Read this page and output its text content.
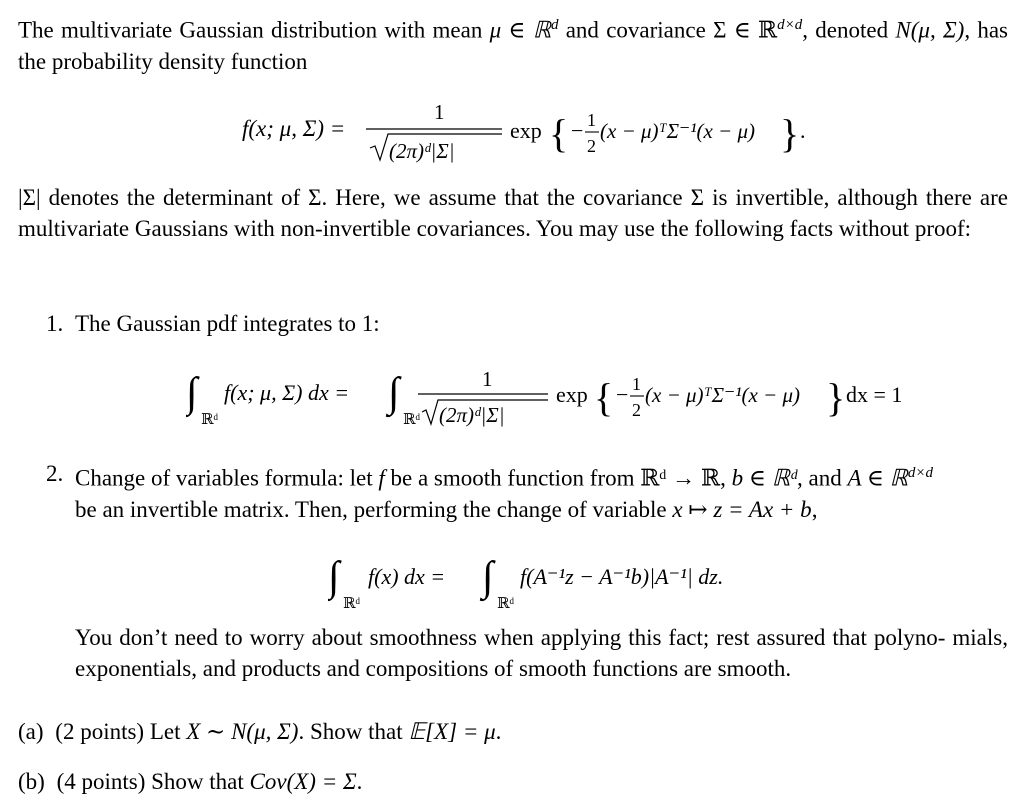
The multivariate Gaussian distribution with mean μ ∈ ℝ$^d$ and covariance Σ ∈ ℝ$^{d\times d}$, denoted N(μ, Σ), has the probability density function

f(x; μ, Σ) =
1
(2π)ᵈ|Σ|
exp { − 1
2
(x − μ)ᵀΣ⁻¹(x − μ) } .

|Σ| denotes the determinant of Σ. Here, we assume that the covariance Σ is invertible, although there are multivariate Gaussians with non-invertible covariances. You may use the following facts without proof:

1. The Gaussian pdf integrates to 1:

∫
ℝᵈ
f(x; μ, Σ) dx = ∫
ℝᵈ
1
(2π)ᵈ|Σ|
exp { − 1
2
(x − μ)ᵀΣ⁻¹(x − μ) } dx = 1
2. Change of variables formula: let f be a smooth function from ℝᵈ → ℝ, b ∈ ℝᵈ, and A ∈ ℝ$^{d\times d}$
be an invertible matrix. Then, performing the change of variable x ↦ z = Ax + b,

∫
ℝᵈ
f(x) dx = ∫
ℝᵈ
f(A⁻¹z − A⁻¹b)|A⁻¹| dz.

You don’t need to worry about smoothness when applying this fact; rest assured that polyno- mials, exponentials, and products and compositions of smooth functions are smooth.

(a) (2 points) Let X ∼ N(μ, Σ). Show that 𝔼[X] = μ.

(b) (4 points) Show that Cov(X) = Σ.
